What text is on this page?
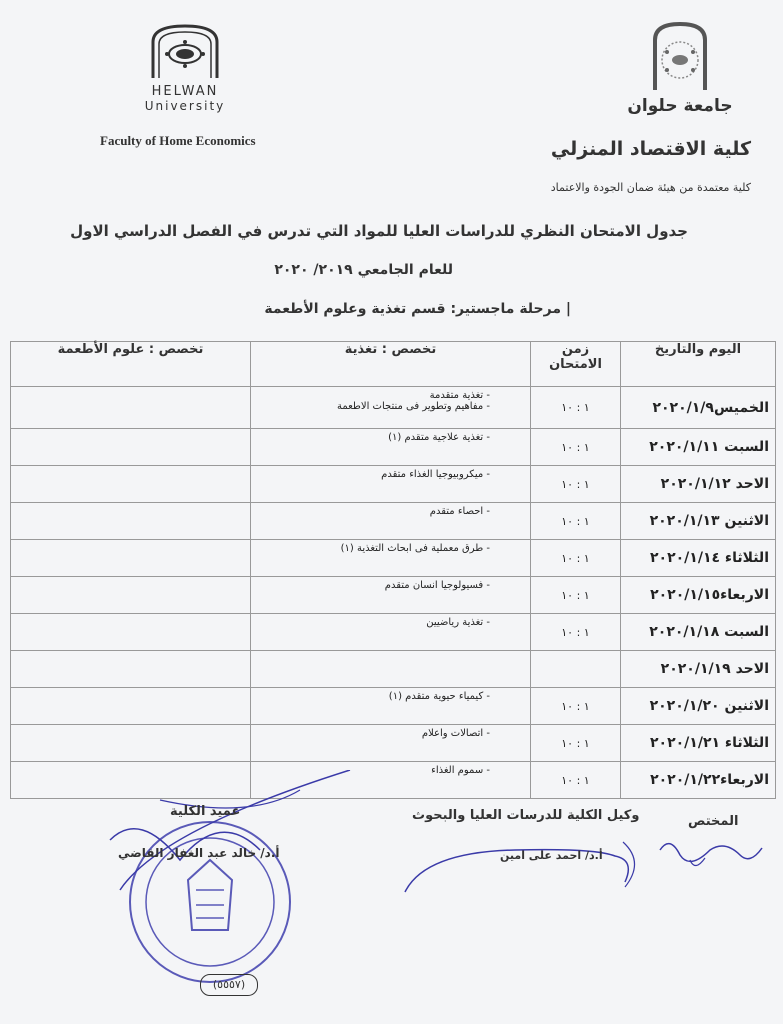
HELWAN
University
Faculty of Home Economics
جامعة حلوان
كلية الاقتصاد المنزلي
كلية معتمدة من هيئة ضمان الجودة والاعتماد
جدول الامتحان النظري للدراسات العليا للمواد التي تدرس في الفصل الدراسي الاول
للعام الجامعي ٢٠١٩/ ٢٠٢٠
| مرحلة ماجستير: قسم تغذية وعلوم الأطعمة
اليوم والتاريخ	زمن الامتحان	تخصص : تغذية	تخصص : علوم الأطعمة
الخميس٢٠٢٠/١/٩	١ : ١٠	- تغذية متقدمة
- مفاهيم وتطوير فى منتجات الاطعمة	

السبت ٢٠٢٠/١/١١	١ : ١٠	- تغذية علاجية متقدم (١)	

الاحد ٢٠٢٠/١/١٢	١ : ١٠	- ميكروبيوجيا الغذاء متقدم	

الاثنين ٢٠٢٠/١/١٣	١ : ١٠	- احصاء متقدم	

الثلاثاء ٢٠٢٠/١/١٤	١ : ١٠	- طرق معملية فى ابحاث التغذية (١)	

الاربعاء٢٠٢٠/١/١٥	١ : ١٠	- فسيولوجيا انسان متقدم	

السبت ٢٠٢٠/١/١٨	١ : ١٠	- تغذية رياضيين	

الاحد ٢٠٢٠/١/١٩		

الاثنين ٢٠٢٠/١/٢٠	١ : ١٠	- كيمياء حيوية متقدم (١)	

الثلاثاء ٢٠٢٠/١/٢١	١ : ١٠	- اتصالات واعلام	

الاربعاء٢٠٢٠/١/٢٢	١ : ١٠	- سموم الغذاء	

عميد الكلية
أ.د/ خالد عبد الغفار القاضي
وكيل الكلية للدرسات العليا والبحوث
أ.د/ احمد على امين
المختص
(٥٥٥٧)
